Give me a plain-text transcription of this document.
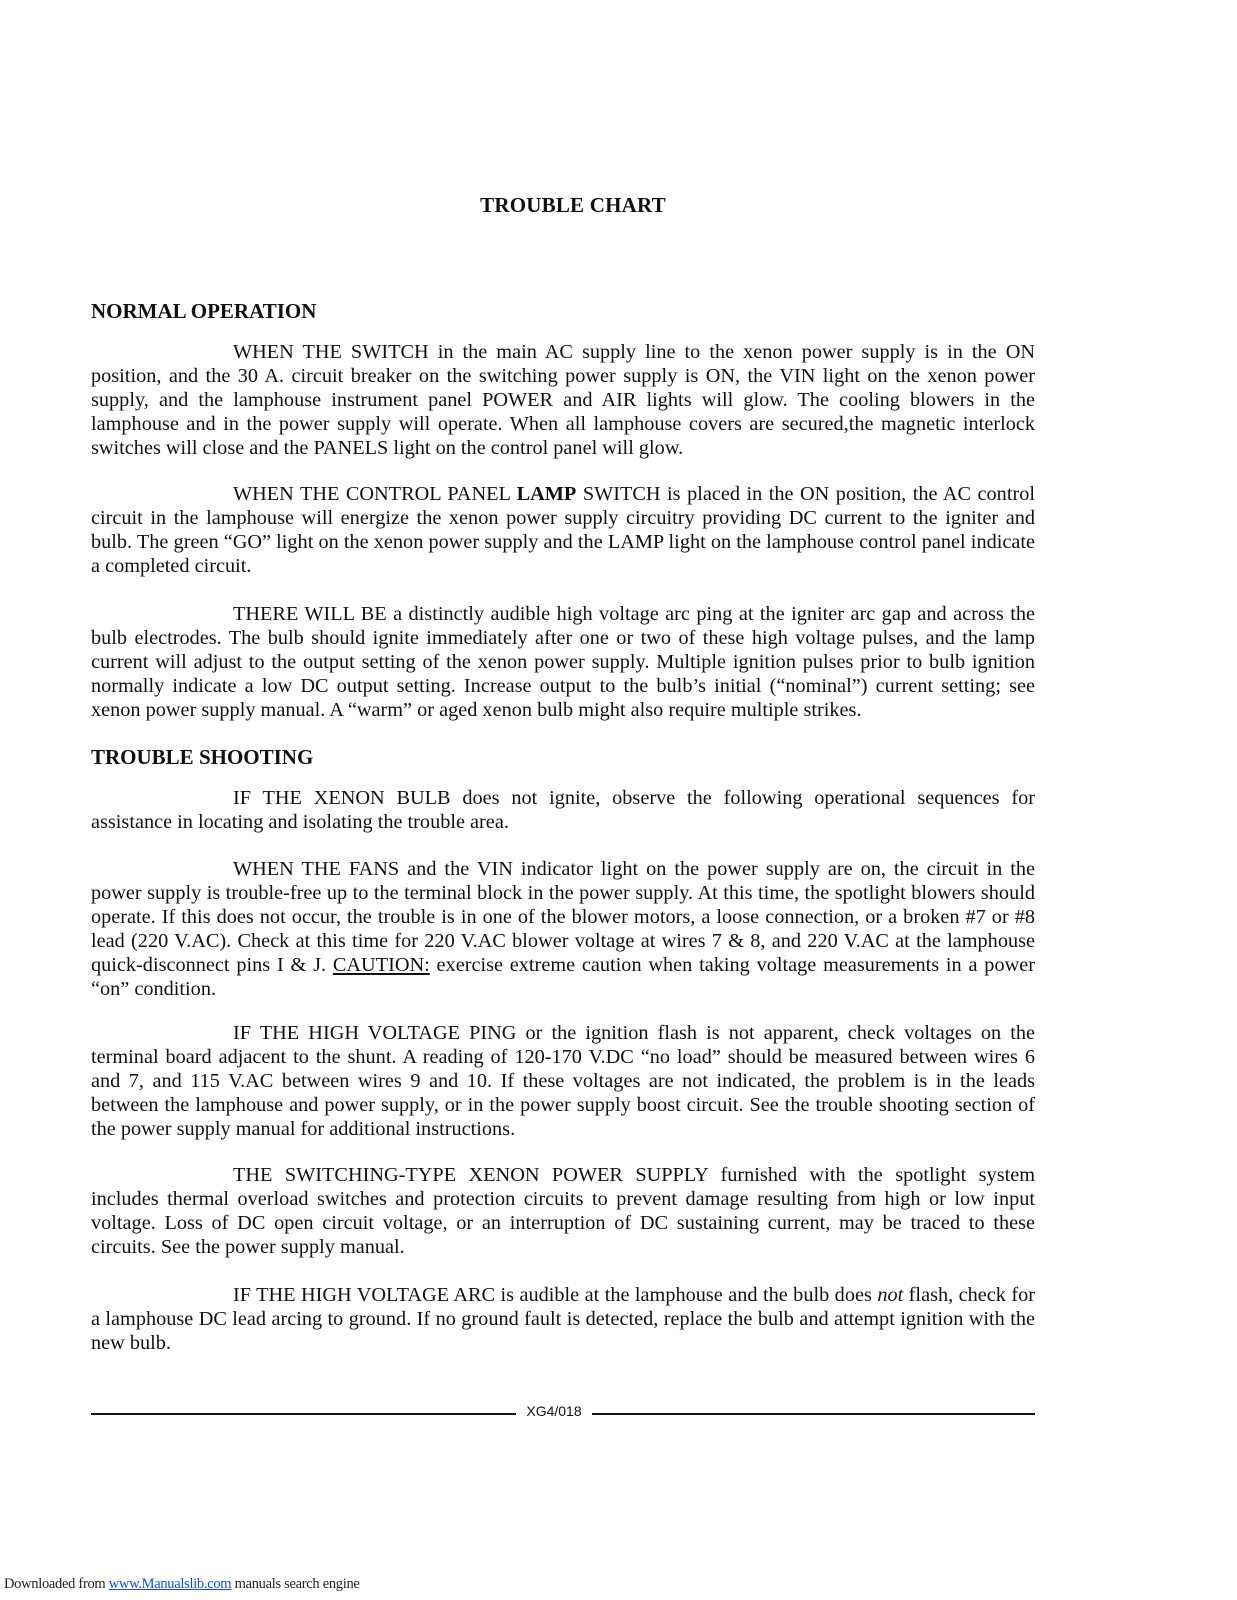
TROUBLE CHART
NORMAL OPERATION

WHEN THE SWITCH in the main AC supply line to the xenon power supply is in the ON position, and the 30 A. circuit breaker on the switching power supply is ON, the VIN light on the xenon power supply, and the lamphouse instrument panel POWER and AIR lights will glow. The cooling blowers in the lamphouse and in the power supply will operate. When all lamphouse covers are secured,the magnetic interlock switches will close and the PANELS light on the control panel will glow.

WHEN THE CONTROL PANEL LAMP SWITCH is placed in the ON position, the AC control circuit in the lamphouse will energize the xenon power supply circuitry providing DC current to the igniter and bulb. The green “GO” light on the xenon power supply and the LAMP light on the lamphouse control panel indicate a completed circuit.

THERE WILL BE a distinctly audible high voltage arc ping at the igniter arc gap and across the bulb electrodes. The bulb should ignite immediately after one or two of these high voltage pulses, and the lamp current will adjust to the output setting of the xenon power supply. Multiple ignition pulses prior to bulb ignition normally indicate a low DC output setting. Increase output to the bulb’s initial (“nominal”) current setting; see xenon power supply manual. A “warm” or aged xenon bulb might also require multiple strikes.

TROUBLE SHOOTING

IF THE XENON BULB does not ignite, observe the following operational sequences for assistance in locating and isolating the trouble area.

WHEN THE FANS and the VIN indicator light on the power supply are on, the circuit in the power supply is trouble-free up to the terminal block in the power supply. At this time, the spotlight blowers should operate. If this does not occur, the trouble is in one of the blower motors, a loose connection, or a broken #7 or #8 lead (220 V.AC). Check at this time for 220 V.AC blower voltage at wires 7 & 8, and 220 V.AC at the lamphouse quick-disconnect pins I & J. CAUTION: exercise extreme caution when taking voltage measurements in a power “on” condition.

IF THE HIGH VOLTAGE PING or the ignition flash is not apparent, check voltages on the terminal board adjacent to the shunt. A reading of 120-170 V.DC “no load” should be measured between wires 6 and 7, and 115 V.AC between wires 9 and 10. If these voltages are not indicated, the problem is in the leads between the lamphouse and power supply, or in the power supply boost circuit. See the trouble shooting section of the power supply manual for additional instructions.

THE SWITCHING-TYPE XENON POWER SUPPLY furnished with the spotlight system includes thermal overload switches and protection circuits to prevent damage resulting from high or low input voltage. Loss of DC open circuit voltage, or an interruption of DC sustaining current, may be traced to these circuits. See the power supply manual.

IF THE HIGH VOLTAGE ARC is audible at the lamphouse and the bulb does not flash, check for a lamphouse DC lead arcing to ground. If no ground fault is detected, replace the bulb and attempt ignition with the new bulb.

XG4/018
Downloaded from www.Manualslib.com manuals search engine
